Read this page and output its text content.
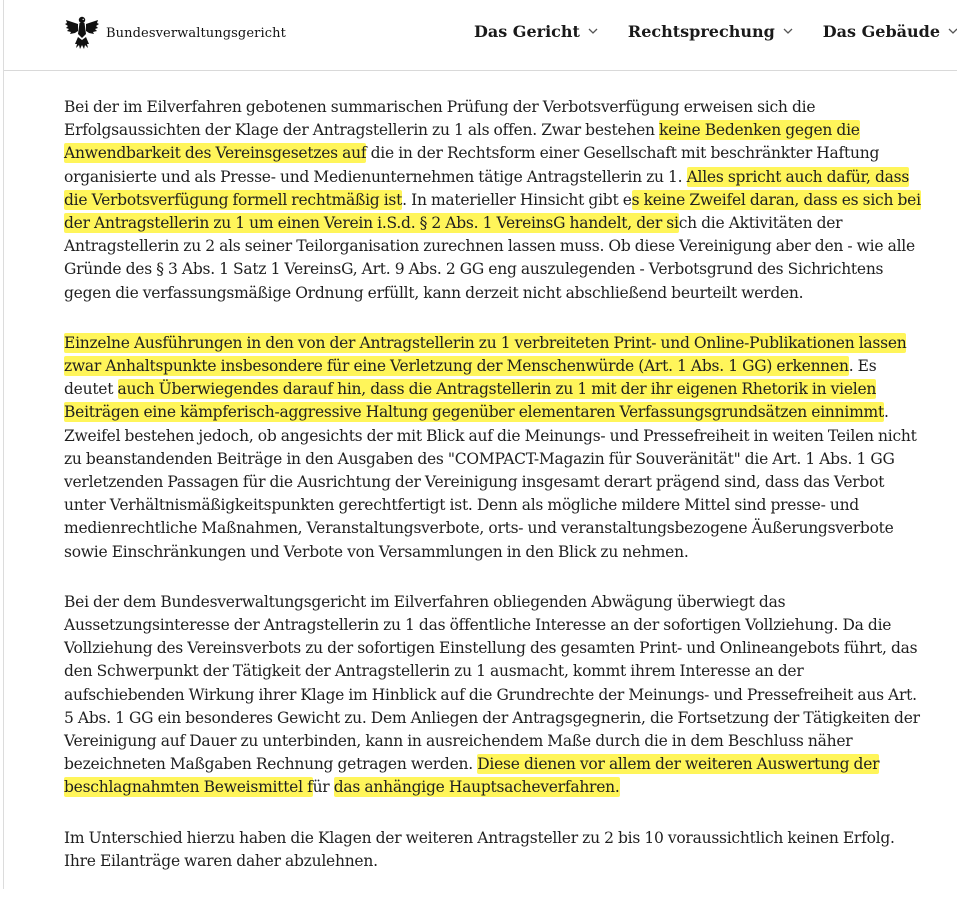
Bundesverwaltungsgericht	Das Gericht	Rechtsprechung	Das Gebäude

Bei der im Eilverfahren gebotenen summarischen Prüfung der Verbotsverfügung erweisen sich die Erfolgsaussichten der Klage der Antragstellerin zu 1 als offen. Zwar bestehen keine Bedenken gegen die Anwendbarkeit des Vereinsgesetzes auf die in der Rechtsform einer Gesellschaft mit beschränkter Haftung organisierte und als Presse- und Medienunternehmen tätige Antragstellerin zu 1. Alles spricht auch dafür, dass die Verbotsverfügung formell rechtmäßig ist. In materieller Hinsicht gibt es keine Zweifel daran, dass es sich bei der Antragstellerin zu 1 um einen Verein i.S.d. § 2 Abs. 1 VereinsG handelt, der sich die Aktivitäten der Antragstellerin zu 2 als seiner Teilorganisation zurechnen lassen muss. Ob diese Vereinigung aber den - wie alle Gründe des § 3 Abs. 1 Satz 1 VereinsG, Art. 9 Abs. 2 GG eng auszulegenden - Verbotsgrund des Sichrichtens gegen die verfassungsmäßige Ordnung erfüllt, kann derzeit nicht abschließend beurteilt werden.

Einzelne Ausführungen in den von der Antragstellerin zu 1 verbreiteten Print- und Online-Publikationen lassen zwar Anhaltspunkte insbesondere für eine Verletzung der Menschenwürde (Art. 1 Abs. 1 GG) erkennen. Es deutet auch Überwiegendes darauf hin, dass die Antragstellerin zu 1 mit der ihr eigenen Rhetorik in vielen Beiträgen eine kämpferisch-aggressive Haltung gegenüber elementaren Verfassungsgrundsätzen einnimmt. Zweifel bestehen jedoch, ob angesichts der mit Blick auf die Meinungs- und Pressefreiheit in weiten Teilen nicht zu beanstandenden Beiträge in den Ausgaben des "COMPACT-Magazin für Souveränität" die Art. 1 Abs. 1 GG verletzenden Passagen für die Ausrichtung der Vereinigung insgesamt derart prägend sind, dass das Verbot unter Verhältnismäßigkeitspunkten gerechtfertigt ist. Denn als mögliche mildere Mittel sind presse- und medienrechtliche Maßnahmen, Veranstaltungsverbote, orts- und veranstaltungsbezogene Äußerungsverbote sowie Einschränkungen und Verbote von Versammlungen in den Blick zu nehmen.

Bei der dem Bundesverwaltungsgericht im Eilverfahren obliegenden Abwägung überwiegt das Aussetzungsinteresse der Antragstellerin zu 1 das öffentliche Interesse an der sofortigen Vollziehung. Da die Vollziehung des Vereinsverbots zu der sofortigen Einstellung des gesamten Print- und Onlineangebots führt, das den Schwerpunkt der Tätigkeit der Antragstellerin zu 1 ausmacht, kommt ihrem Interesse an der aufschiebenden Wirkung ihrer Klage im Hinblick auf die Grundrechte der Meinungs- und Pressefreiheit aus Art. 5 Abs. 1 GG ein besonderes Gewicht zu. Dem Anliegen der Antragsgegnerin, die Fortsetzung der Tätigkeiten der Vereinigung auf Dauer zu unterbinden, kann in ausreichendem Maße durch die in dem Beschluss näher bezeichneten Maßgaben Rechnung getragen werden. Diese dienen vor allem der weiteren Auswertung der beschlagnahmten Beweismittel für das anhängige Hauptsacheverfahren.

Im Unterschied hierzu haben die Klagen der weiteren Antragsteller zu 2 bis 10 voraussichtlich keinen Erfolg. Ihre Eilanträge waren daher abzulehnen.
